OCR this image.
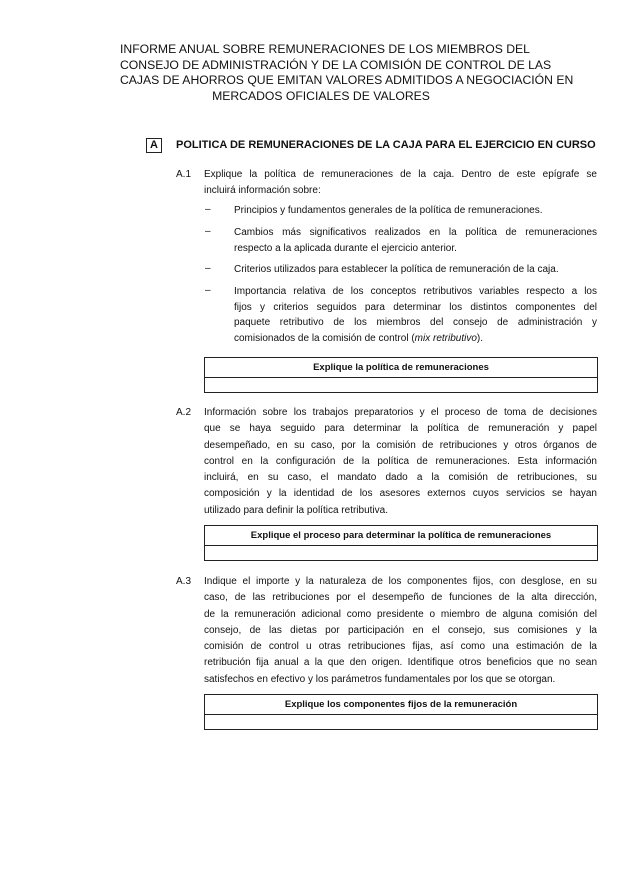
INFORME ANUAL SOBRE REMUNERACIONES DE LOS MIEMBROS DEL
CONSEJO DE ADMINISTRACIÓN Y DE LA COMISIÓN DE CONTROL DE LAS
CAJAS DE AHORROS QUE EMITAN VALORES ADMITIDOS A NEGOCIACIÓN EN
MERCADOS OFICIALES DE VALORES
A	POLITICA DE REMUNERACIONES DE LA CAJA PARA EL EJERCICIO EN CURSO
A.1 Explique la política de remuneraciones de la caja. Dentro de este epígrafe se
incluirá información sobre:
– Principios y fundamentos generales de la política de remuneraciones.
– Cambios más significativos realizados en la política de remuneraciones
respecto a la aplicada durante el ejercicio anterior.
– Criterios utilizados para establecer la política de remuneración de la caja.
– Importancia relativa de los conceptos retributivos variables respecto a los
fijos y criterios seguidos para determinar los distintos componentes del
paquete retributivo de los miembros del consejo de administración y
comisionados de la comisión de control (mix retributivo).
Explique la política de remuneraciones
A.2 Información sobre los trabajos preparatorios y el proceso de toma de decisiones
que se haya seguido para determinar la política de remuneración y papel
desempeñado, en su caso, por la comisión de retribuciones y otros órganos de
control en la configuración de la política de remuneraciones. Esta información
incluirá, en su caso, el mandato dado a la comisión de retribuciones, su
composición y la identidad de los asesores externos cuyos servicios se hayan
utilizado para definir la política retributiva.
Explique el proceso para determinar la política de remuneraciones
A.3 Indique el importe y la naturaleza de los componentes fijos, con desglose, en su
caso, de las retribuciones por el desempeño de funciones de la alta dirección,
de la remuneración adicional como presidente o miembro de alguna comisión del
consejo, de las dietas por participación en el consejo, sus comisiones y la
comisión de control u otras retribuciones fijas, así como una estimación de la
retribución fija anual a la que den origen. Identifique otros beneficios que no sean
satisfechos en efectivo y los parámetros fundamentales por los que se otorgan.
Explique los componentes fijos de la remuneración
